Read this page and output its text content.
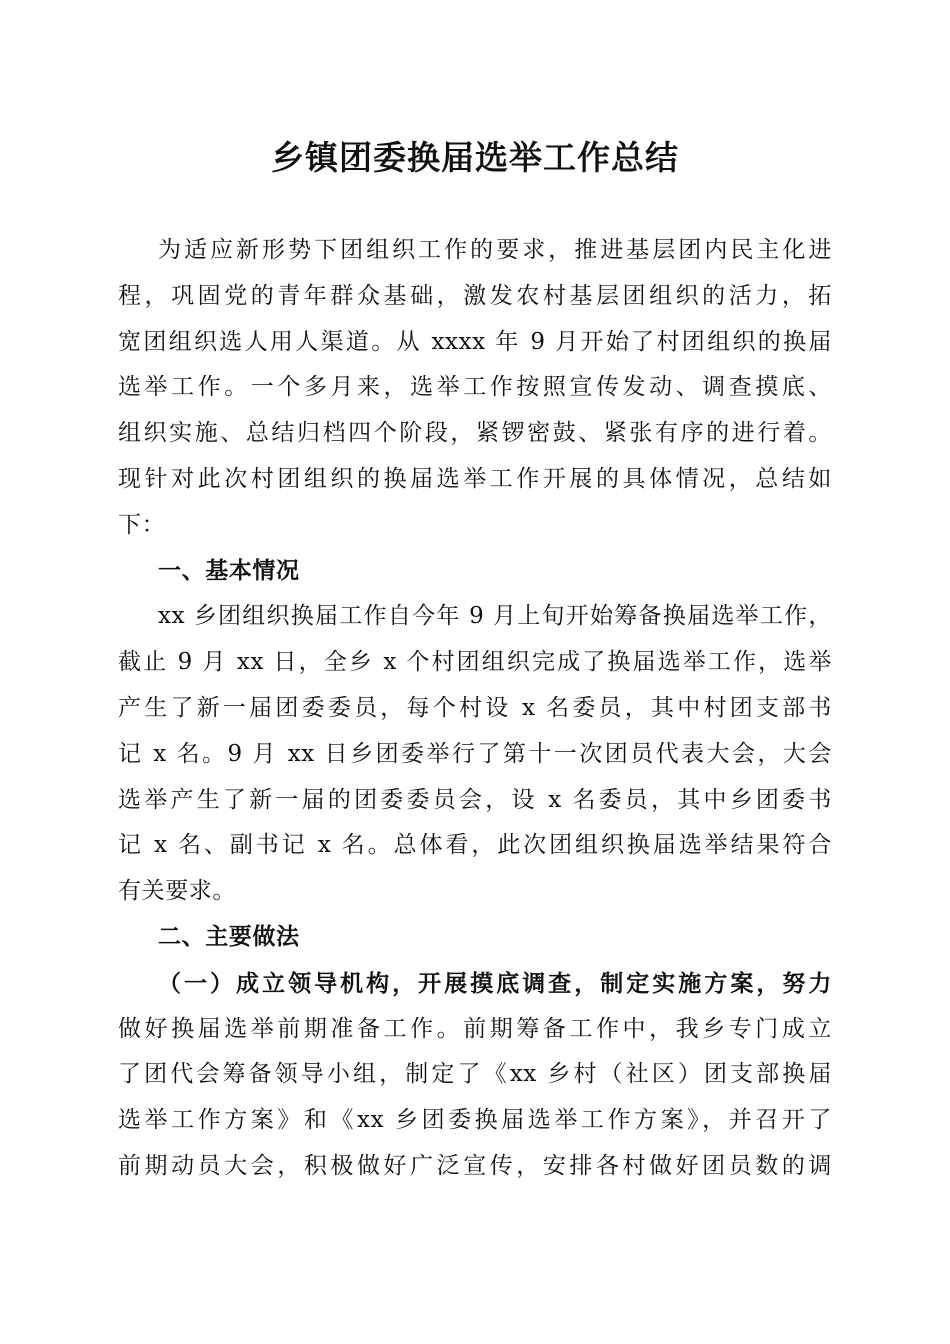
乡镇团委换届选举工作总结
为适应新形势下团组织工作的要求，推进基层团内民主化进
程，巩固党的青年群众基础，激发农村基层团组织的活力，拓
宽团组织选人用人渠道。从 xxxx 年 9 月开始了村团组织的换届
选举工作。一个多月来，选举工作按照宣传发动、调查摸底、
组织实施、总结归档四个阶段，紧锣密鼓、紧张有序的进行着。
现针对此次村团组织的换届选举工作开展的具体情况，总结如
下：
一、基本情况
xx 乡团组织换届工作自今年 9 月上旬开始筹备换届选举工作，
截止 9 月 xx 日，全乡 x 个村团组织完成了换届选举工作，选举
产生了新一届团委委员，每个村设 x 名委员，其中村团支部书
记 x 名。9 月 xx 日乡团委举行了第十一次团员代表大会，大会
选举产生了新一届的团委委员会，设 x 名委员，其中乡团委书
记 x 名、副书记 x 名。总体看，此次团组织换届选举结果符合
有关要求。
二、主要做法
（一）成立领导机构，开展摸底调查，制定实施方案，努力
做好换届选举前期准备工作。前期筹备工作中，我乡专门成立
了团代会筹备领导小组，制定了《xx 乡村（社区）团支部换届
选举工作方案》和《xx 乡团委换届选举工作方案》，并召开了
前期动员大会，积极做好广泛宣传，安排各村做好团员数的调
